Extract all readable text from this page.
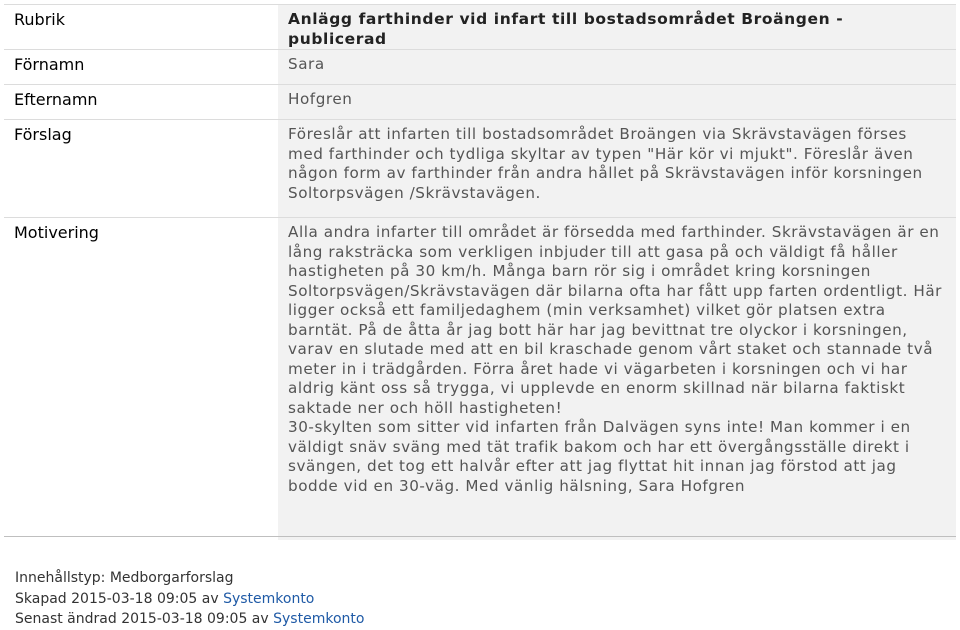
Rubrik	Anlägg farthinder vid infart till bostadsområdet Broängen - publicerad
Förnamn	Sara
Efternamn	Hofgren
Förslag	Föreslår att infarten till bostadsområdet Broängen via Skrävstavägen förses med farthinder och tydliga skyltar av typen "Här kör vi mjukt". Föreslår även någon form av farthinder från andra hållet på Skrävstavägen inför korsningen Soltorpsvägen /Skrävstavägen.
Motivering	Alla andra infarter till området är försedda med farthinder. Skrävstavägen är en lång raksträcka som verkligen inbjuder till att gasa på och väldigt få håller hastigheten på 30 km/h. Många barn rör sig i området kring korsningen Soltorpsvägen/Skrävstavägen där bilarna ofta har fått upp farten ordentligt. Här ligger också ett familjedaghem (min verksamhet) vilket gör platsen extra barntät. På de åtta år jag bott här har jag bevittnat tre olyckor i korsningen, varav en slutade med att en bil kraschade genom vårt staket och stannade två meter in i trädgården. Förra året hade vi vägarbeten i korsningen och vi har aldrig känt oss så trygga, vi upplevde en enorm skillnad när bilarna faktiskt saktade ner och höll hastigheten!
30-skylten som sitter vid infarten från Dalvägen syns inte! Man kommer i en väldigt snäv sväng med tät trafik bakom och har ett övergångsställe direkt i svängen, det tog ett halvår efter att jag flyttat hit innan jag förstod att jag bodde vid en 30-väg. Med vänlig hälsning, Sara Hofgren
Innehållstyp: Medborgarforslag
Skapad 2015-03-18 09:05 av Systemkonto
Senast ändrad 2015-03-18 09:05 av Systemkonto
